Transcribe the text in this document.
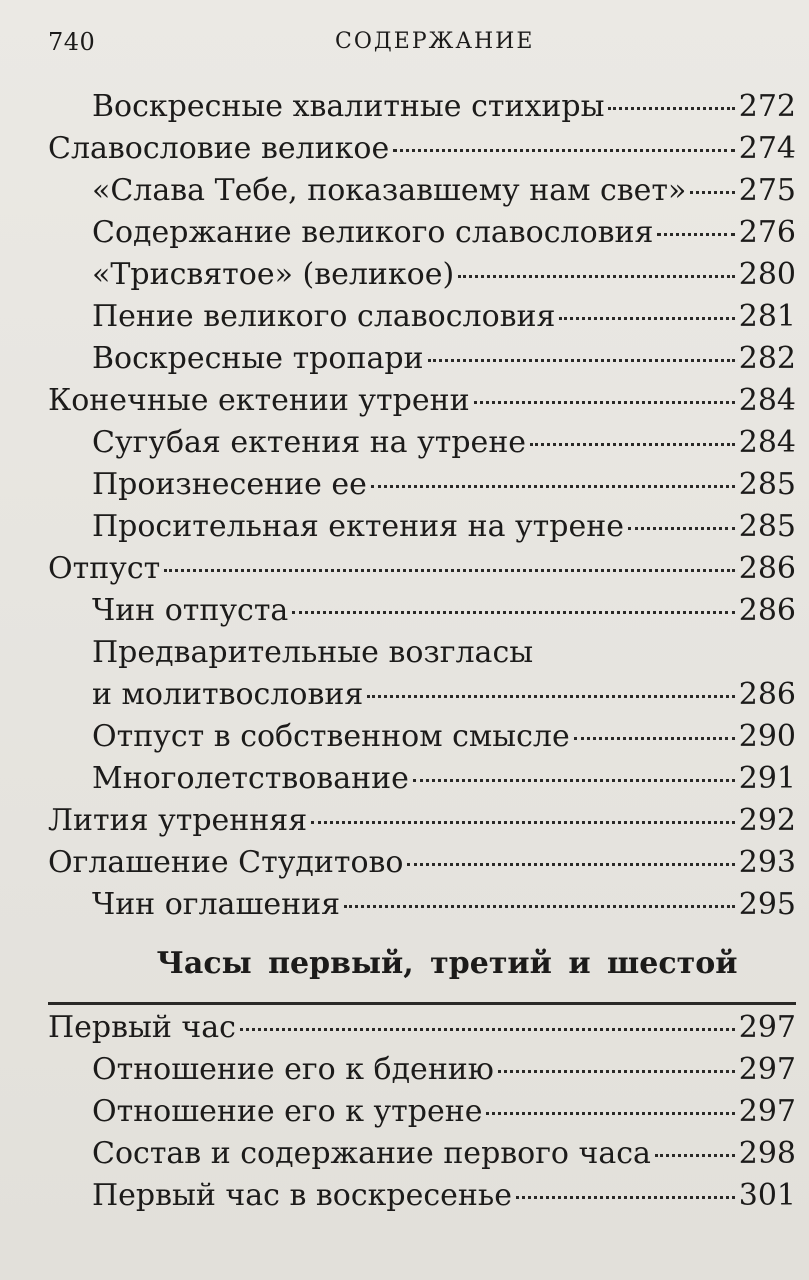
740	СОДЕРЖАНИЕ
Воскресные хвалитные стихиры	272
Славословие великое	274
«Слава Тебе, показавшему нам свет» 275
Содержание великого славословия	276
«Трисвятое» (великое)	280
Пение великого славословия	281
Воскресные тропари	282
Конечные ектении утрени	284
Сугубая ектения на утрене	284
Произнесение ее	285
Просительная ектения на утрене	285
Отпуст	286
Чин отпуста	286
Предварительные возгласы
и молитвословия	286
Отпуст в собственном смысле	290
Многолетствование	291
Лития утренняя	292
Оглашение Студитово	293
Чин оглашения	295
Часы первый, третий и шестой
Первый час	297
Отношение его к бдению	297
Отношение его к утрене	297
Состав и содержание первого часа	298
Первый час в воскресенье	301
